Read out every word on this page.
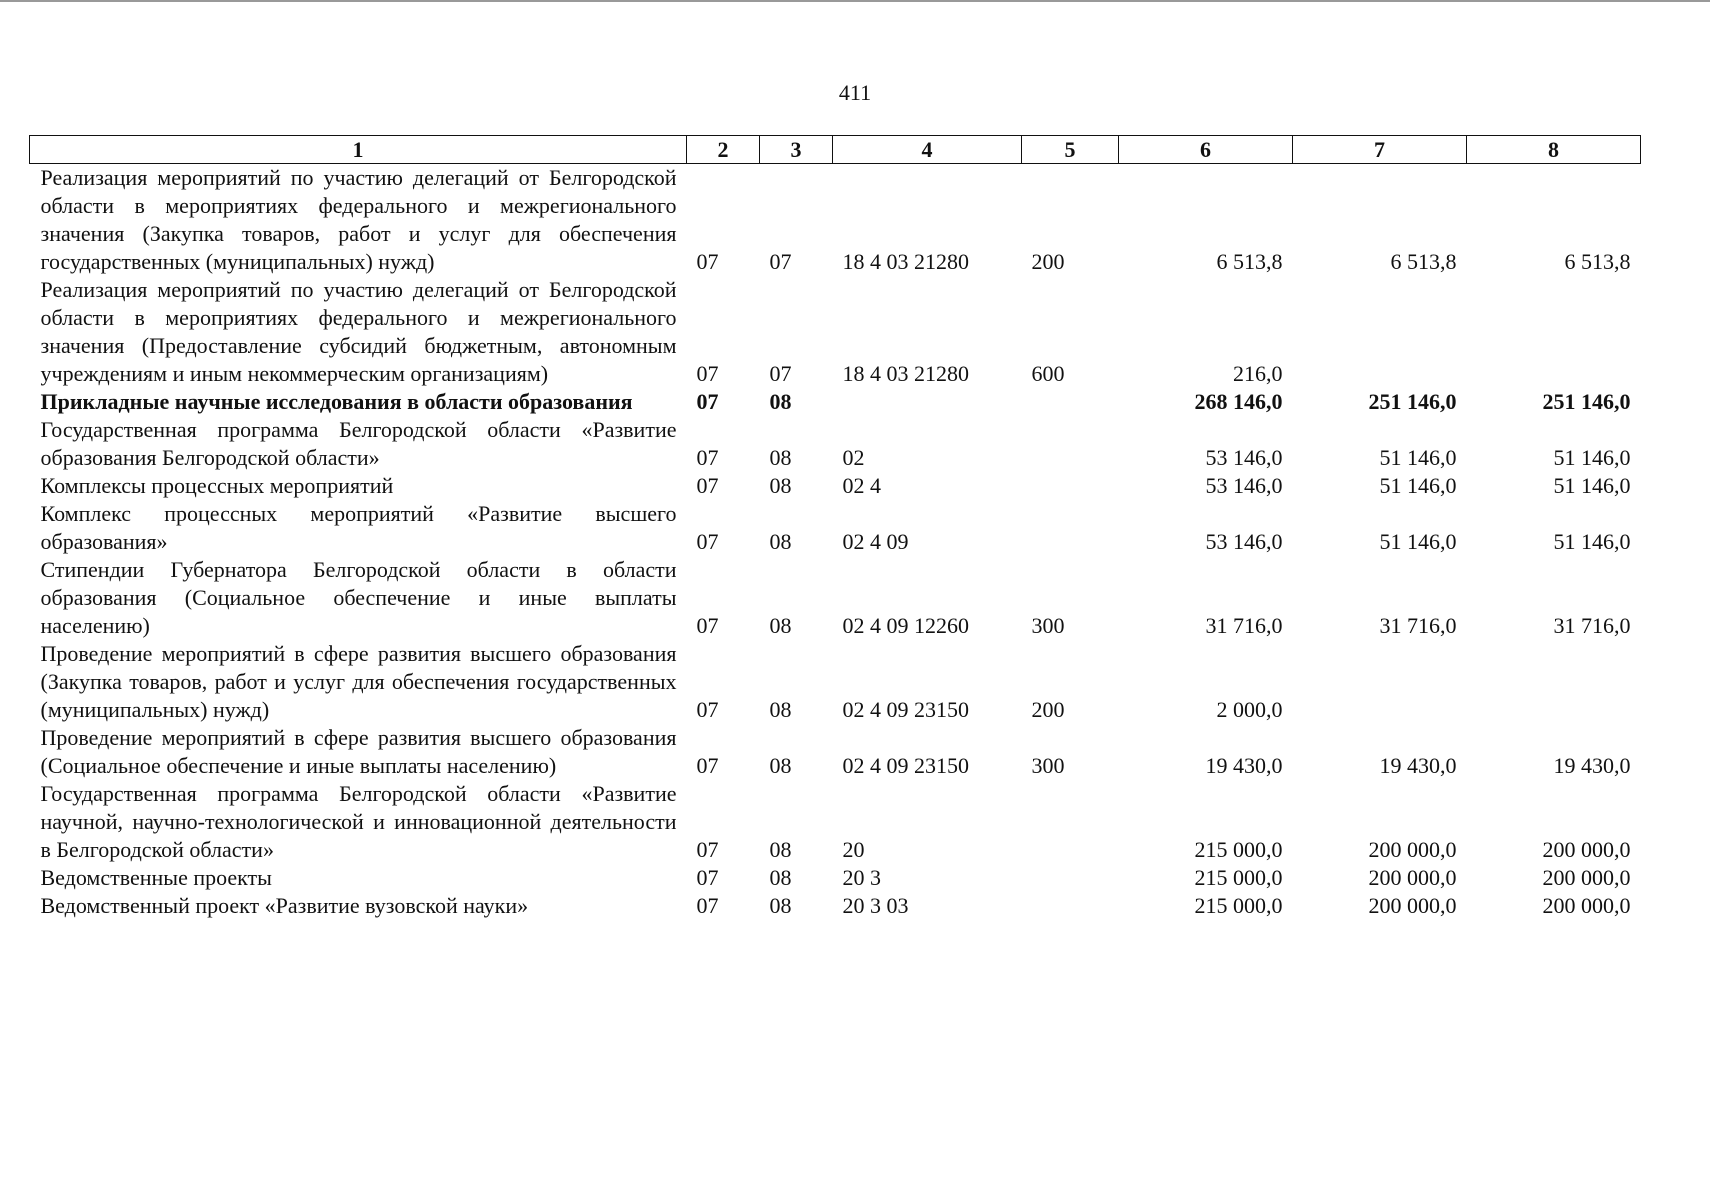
411
1	2	3	4	5	6	7	8
Реализация мероприятий по участию делегаций от Белгородской области в мероприятиях федерального и межрегионального значения (Закупка товаров, работ и услуг для обеспечения государственных (муниципальных) нужд)	07	07	18 4 03 21280	200	6 513,8	6 513,8	6 513,8
Реализация мероприятий по участию делегаций от Белгородской области в мероприятиях федерального и межрегионального значения (Предоставление субсидий бюджетным, автономным учреждениям и иным некоммерческим организациям)	07	07	18 4 03 21280	600	216,0		
Прикладные научные исследования в области образования	07	08			268 146,0	251 146,0	251 146,0
Государственная программа Белгородской области «Развитие образования Белгородской области»	07	08	02		53 146,0	51 146,0	51 146,0
Комплексы процессных мероприятий	07	08	02 4		53 146,0	51 146,0	51 146,0
Комплекс процессных мероприятий «Развитие высшего образования»	07	08	02 4 09		53 146,0	51 146,0	51 146,0
Стипендии Губернатора Белгородской области в области образования (Социальное обеспечение и иные выплаты населению)	07	08	02 4 09 12260	300	31 716,0	31 716,0	31 716,0
Проведение мероприятий в сфере развития высшего образования (Закупка товаров, работ и услуг для обеспечения государственных (муниципальных) нужд)	07	08	02 4 09 23150	200	2 000,0		
Проведение мероприятий в сфере развития высшего образования (Социальное обеспечение и иные выплаты населению)	07	08	02 4 09 23150	300	19 430,0	19 430,0	19 430,0
Государственная программа Белгородской области «Развитие научной, научно-технологической и инновационной деятельности в Белгородской области»	07	08	20		215 000,0	200 000,0	200 000,0
Ведомственные проекты	07	08	20 3		215 000,0	200 000,0	200 000,0
Ведомственный проект «Развитие вузовской науки»	07	08	20 3 03		215 000,0	200 000,0	200 000,0
